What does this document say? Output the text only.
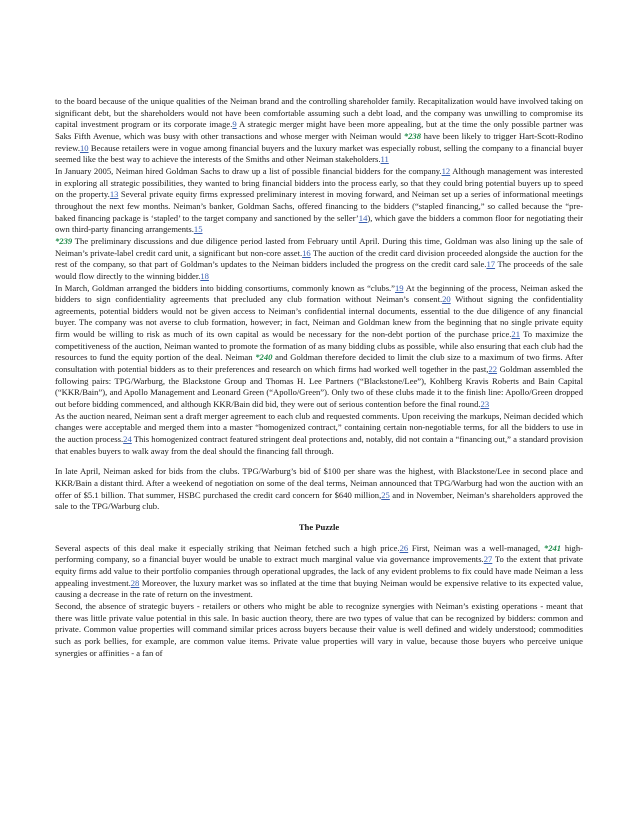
to the board because of the unique qualities of the Neiman brand and the controlling shareholder family. Recapitalization would have involved taking on significant debt, but the shareholders would not have been comfortable assuming such a debt load, and the company was unwilling to compromise its capital investment program or its corporate image.9 A strategic merger might have been more appealing, but at the time the only possible partner was Saks Fifth Avenue, which was busy with other transactions and whose merger with Neiman would *238 have been likely to trigger Hart-Scott-Rodino review.10 Because retailers were in vogue among financial buyers and the luxury market was especially robust, selling the company to a financial buyer seemed like the best way to achieve the interests of the Smiths and other Neiman stakeholders.11

In January 2005, Neiman hired Goldman Sachs to draw up a list of possible financial bidders for the company.12 Although management was interested in exploring all strategic possibilities, they wanted to bring financial bidders into the process early, so that they could bring potential buyers up to speed on the property.13 Several private equity firms expressed preliminary interest in moving forward, and Neiman set up a series of informational meetings throughout the next few months. Neiman’s banker, Goldman Sachs, offered financing to the bidders (“stapled financing,” so called because the “pre-baked financing package is ‘stapled’ to the target company and sanctioned by the seller’14), which gave the bidders a common floor for negotiating their own third-party financing arrangements.15

*239 The preliminary discussions and due diligence period lasted from February until April. During this time, Goldman was also lining up the sale of Neiman’s private-label credit card unit, a significant but non-core asset.16 The auction of the credit card division proceeded alongside the auction for the rest of the company, so that part of Goldman’s updates to the Neiman bidders included the progress on the credit card sale.17 The proceeds of the sale would flow directly to the winning bidder.18

In March, Goldman arranged the bidders into bidding consortiums, commonly known as “clubs.”19 At the beginning of the process, Neiman asked the bidders to sign confidentiality agreements that precluded any club formation without Neiman’s consent.20 Without signing the confidentiality agreements, potential bidders would not be given access to Neiman’s confidential internal documents, essential to the due diligence of any financial buyer. The company was not averse to club formation, however; in fact, Neiman and Goldman knew from the beginning that no single private equity firm would be willing to risk as much of its own capital as would be necessary for the non-debt portion of the purchase price.21 To maximize the competitiveness of the auction, Neiman wanted to promote the formation of as many bidding clubs as possible, while also ensuring that each club had the resources to fund the equity portion of the deal. Neiman *240 and Goldman therefore decided to limit the club size to a maximum of two firms. After consultation with potential bidders as to their preferences and research on which firms had worked well together in the past,22 Goldman assembled the following pairs: TPG/Warburg, the Blackstone Group and Thomas H. Lee Partners (“Blackstone/Lee”), Kohlberg Kravis Roberts and Bain Capital (“KKR/Bain”), and Apollo Management and Leonard Green (“Apollo/Green”). Only two of these clubs made it to the finish line: Apollo/Green dropped out before bidding commenced, and although KKR/Bain did bid, they were out of serious contention before the final round.23

As the auction neared, Neiman sent a draft merger agreement to each club and requested comments. Upon receiving the markups, Neiman decided which changes were acceptable and merged them into a master “homogenized contract,” containing certain non-negotiable terms, for all the bidders to use in the auction process.24 This homogenized contract featured stringent deal protections and, notably, did not contain a “financing out,” a standard provision that enables buyers to walk away from the deal should the financing fall through.

In late April, Neiman asked for bids from the clubs. TPG/Warburg’s bid of $100 per share was the highest, with Blackstone/Lee in second place and KKR/Bain a distant third. After a weekend of negotiation on some of the deal terms, Neiman announced that TPG/Warburg had won the auction with an offer of $5.1 billion. That summer, HSBC purchased the credit card concern for $640 million,25 and in November, Neiman’s shareholders approved the sale to the TPG/Warburg club.

The Puzzle

Several aspects of this deal make it especially striking that Neiman fetched such a high price.26 First, Neiman was a well-managed, *241 high-performing company, so a financial buyer would be unable to extract much marginal value via governance improvements.27 To the extent that private equity firms add value to their portfolio companies through operational upgrades, the lack of any evident problems to fix could have made Neiman a less appealing investment.28 Moreover, the luxury market was so inflated at the time that buying Neiman would be expensive relative to its expected value, causing a decrease in the rate of return on the investment.

Second, the absence of strategic buyers - retailers or others who might be able to recognize synergies with Neiman’s existing operations - meant that there was little private value potential in this sale. In basic auction theory, there are two types of value that can be recognized by bidders: common and private. Common value properties will command similar prices across buyers because their value is well defined and widely understood; commodities such as pork bellies, for example, are common value items. Private value properties will vary in value, because those buyers who perceive unique synergies or affinities - a fan of
